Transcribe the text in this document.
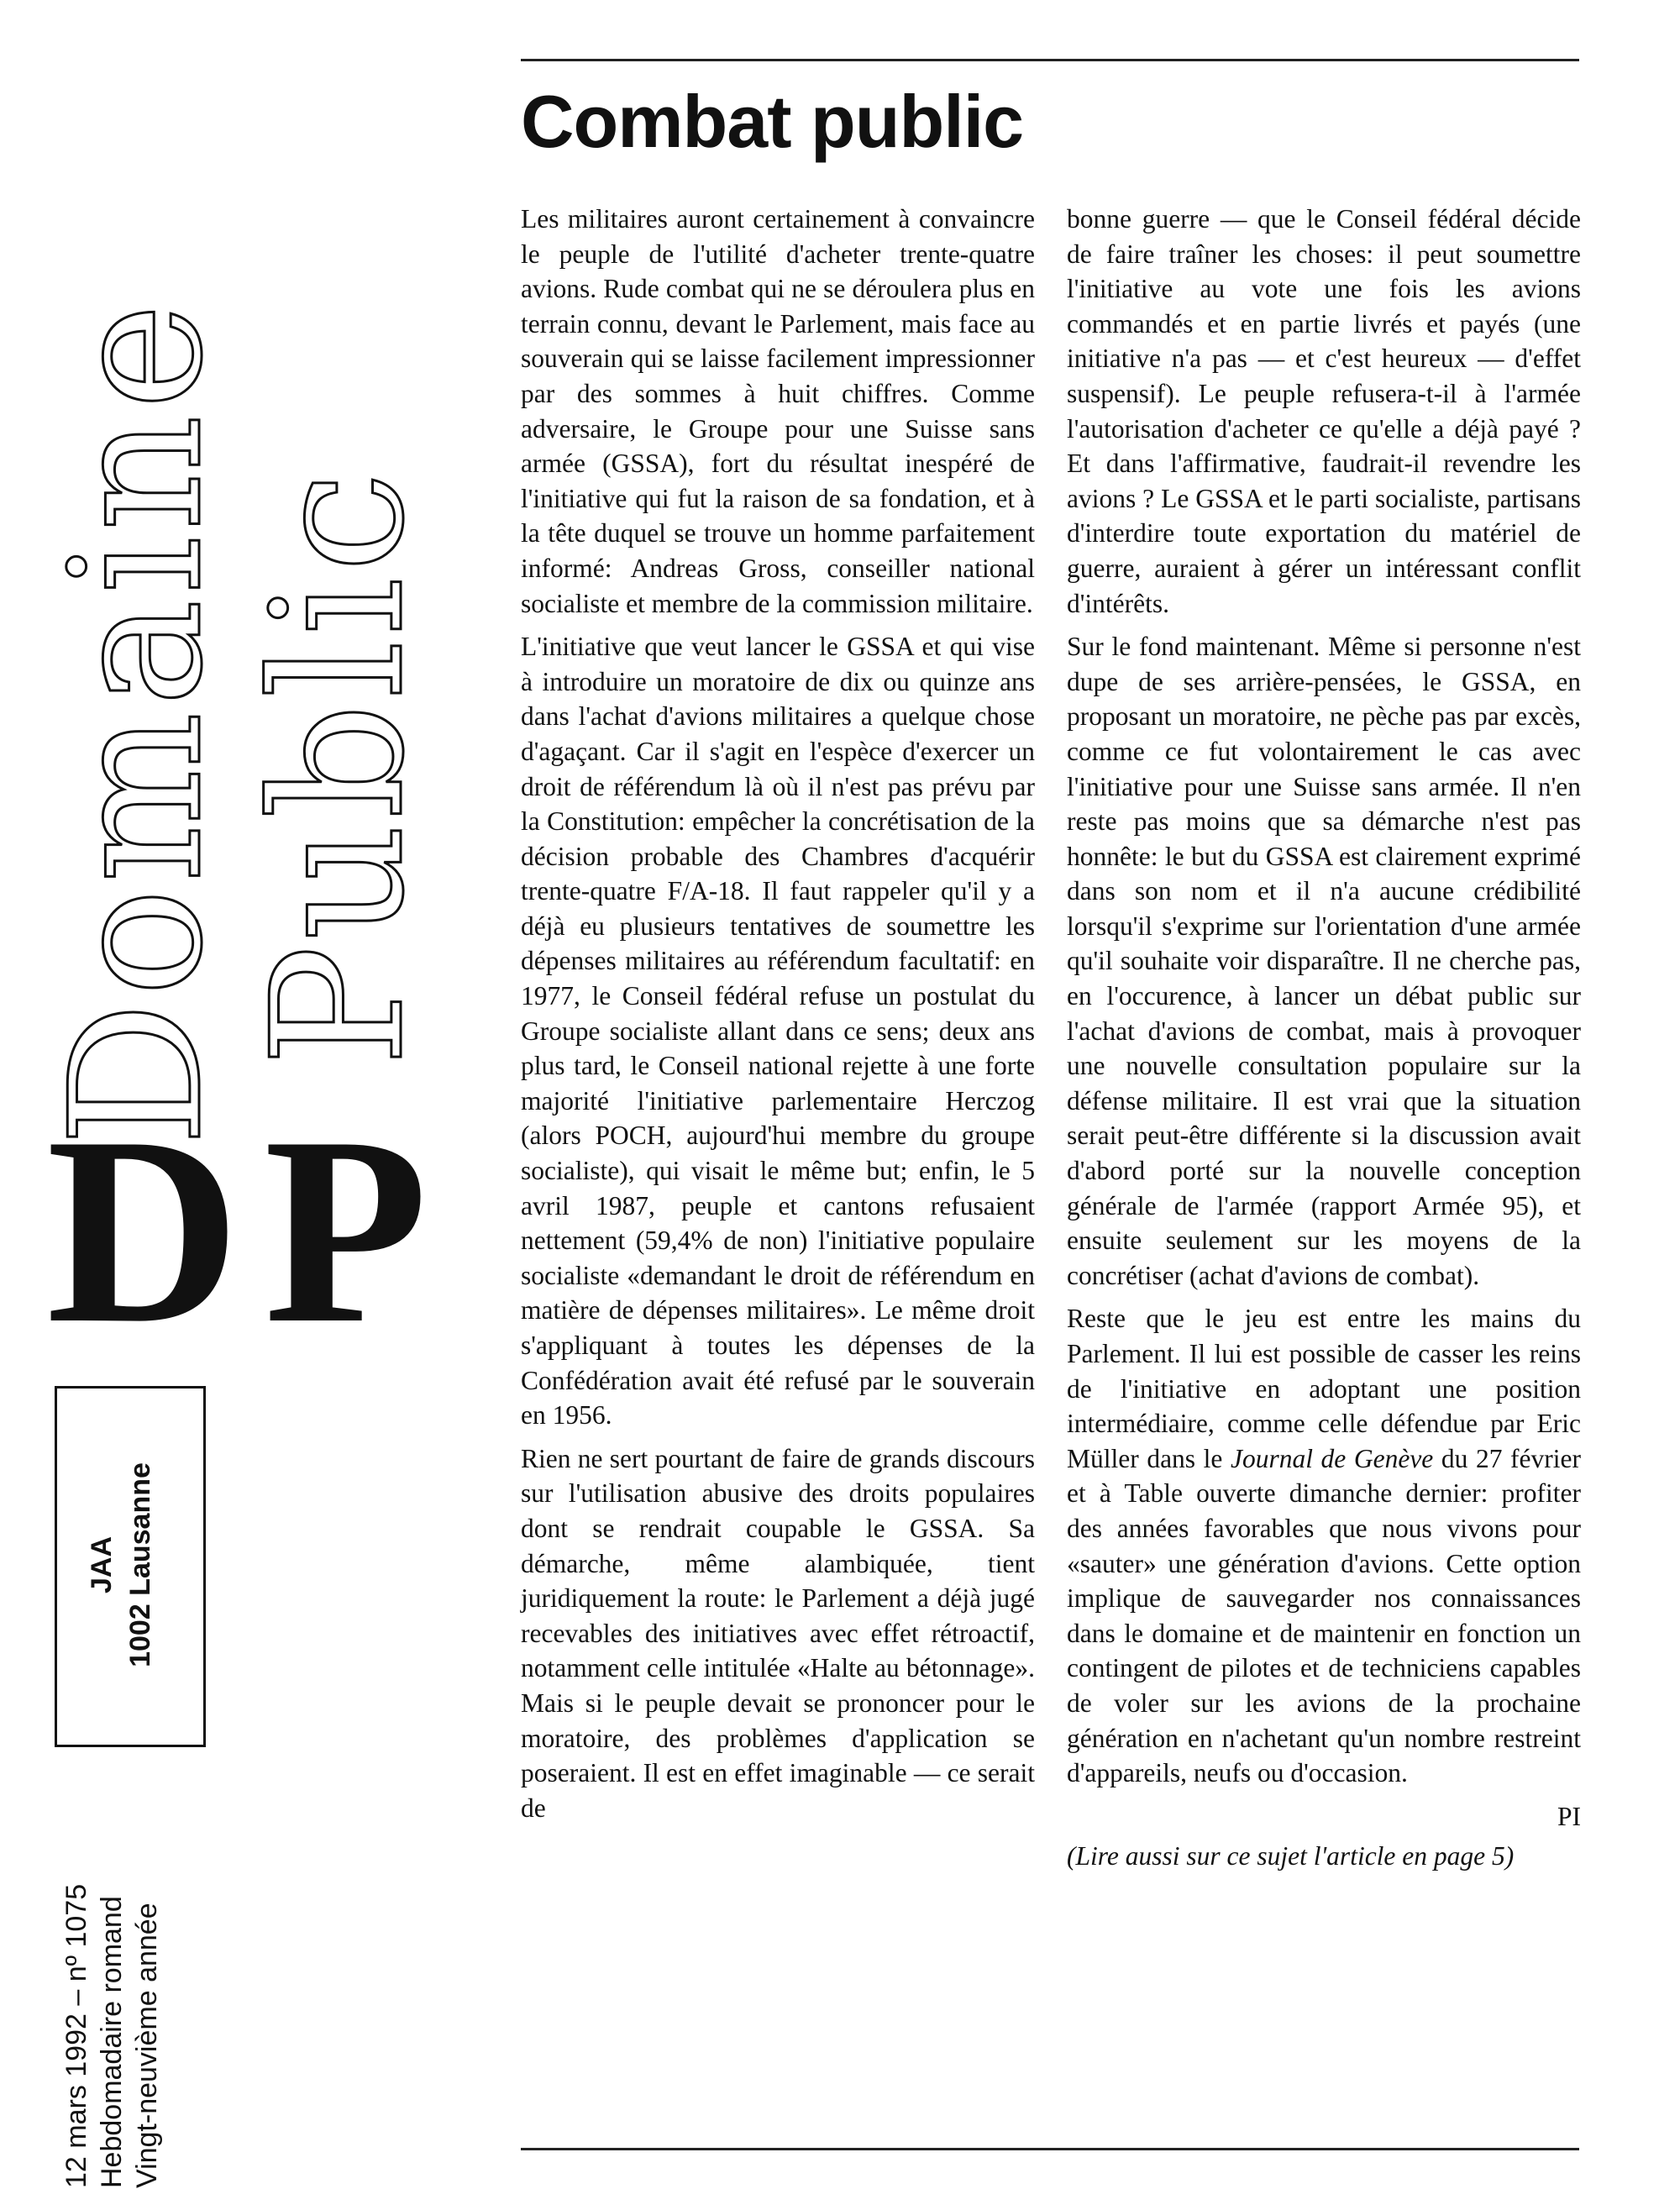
Domaine
Public
DP
JAA 1002 Lausanne
12 mars 1992 – nº 1075 Hebdomadaire romand Vingt-neuvième année
Combat public

Les militaires auront certainement à convaincre le peuple de l'utilité d'acheter trente-quatre avions. Rude combat qui ne se déroulera plus en terrain connu, devant le Parlement, mais face au souverain qui se laisse facilement impressionner par des sommes à huit chiffres. Comme adversaire, le Groupe pour une Suisse sans armée (GSSA), fort du résultat inespéré de l'initiative qui fut la raison de sa fondation, et à la tête duquel se trouve un homme parfaitement informé: Andreas Gross, conseiller national socialiste et membre de la commission militaire.

L'initiative que veut lancer le GSSA et qui vise à introduire un moratoire de dix ou quinze ans dans l'achat d'avions militaires a quelque chose d'agaçant. Car il s'agit en l'espèce d'exercer un droit de référendum là où il n'est pas prévu par la Constitution: empêcher la concrétisation de la décision probable des Chambres d'acquérir trente-quatre F/A-18. Il faut rappeler qu'il y a déjà eu plusieurs tentatives de soumettre les dépenses militaires au référendum facultatif: en 1977, le Conseil fédéral refuse un postulat du Groupe socialiste allant dans ce sens; deux ans plus tard, le Conseil national rejette à une forte majorité l'initiative parlementaire Herczog (alors POCH, aujourd'hui membre du groupe socialiste), qui visait le même but; enfin, le 5 avril 1987, peuple et cantons refusaient nettement (59,4% de non) l'initiative populaire socialiste «demandant le droit de référendum en matière de dépenses militaires». Le même droit s'appliquant à toutes les dépenses de la Confédération avait été refusé par le souverain en 1956.

Rien ne sert pourtant de faire de grands discours sur l'utilisation abusive des droits populaires dont se rendrait coupable le GSSA. Sa démarche, même alambiquée, tient juridiquement la route: le Parlement a déjà jugé recevables des initiatives avec effet rétroactif, notamment celle intitulée «Halte au bétonnage». Mais si le peuple devait se prononcer pour le moratoire, des problèmes d'application se poseraient. Il est en effet imaginable — ce serait de

bonne guerre — que le Conseil fédéral décide de faire traîner les choses: il peut soumettre l'initiative au vote une fois les avions commandés et en partie livrés et payés (une initiative n'a pas — et c'est heureux — d'effet suspensif). Le peuple refusera-t-il à l'armée l'autorisation d'acheter ce qu'elle a déjà payé ? Et dans l'affirmative, faudrait-il revendre les avions ? Le GSSA et le parti socialiste, partisans d'interdire toute exportation du matériel de guerre, auraient à gérer un intéressant conflit d'intérêts.

Sur le fond maintenant. Même si personne n'est dupe de ses arrière-pensées, le GSSA, en proposant un moratoire, ne pèche pas par excès, comme ce fut volontairement le cas avec l'initiative pour une Suisse sans armée. Il n'en reste pas moins que sa démarche n'est pas honnête: le but du GSSA est clairement exprimé dans son nom et il n'a aucune crédibilité lorsqu'il s'exprime sur l'orientation d'une armée qu'il souhaite voir disparaître. Il ne cherche pas, en l'occurence, à lancer un débat public sur l'achat d'avions de combat, mais à provoquer une nouvelle consultation populaire sur la défense militaire. Il est vrai que la situation serait peut-être différente si la discussion avait d'abord porté sur la nouvelle conception générale de l'armée (rapport Armée 95), et ensuite seulement sur les moyens de la concrétiser (achat d'avions de combat).

Reste que le jeu est entre les mains du Parlement. Il lui est possible de casser les reins de l'initiative en adoptant une position intermédiaire, comme celle défendue par Eric Müller dans le Journal de Genève du 27 février et à Table ouverte dimanche dernier: profiter des années favorables que nous vivons pour «sauter» une génération d'avions. Cette option implique de sauvegarder nos connaissances dans le domaine et de maintenir en fonction un contingent de pilotes et de techniciens capables de voler sur les avions de la prochaine génération en n'achetant qu'un nombre restreint d'appareils, neufs ou d'occasion.

PI
(Lire aussi sur ce sujet l'article en page 5)
